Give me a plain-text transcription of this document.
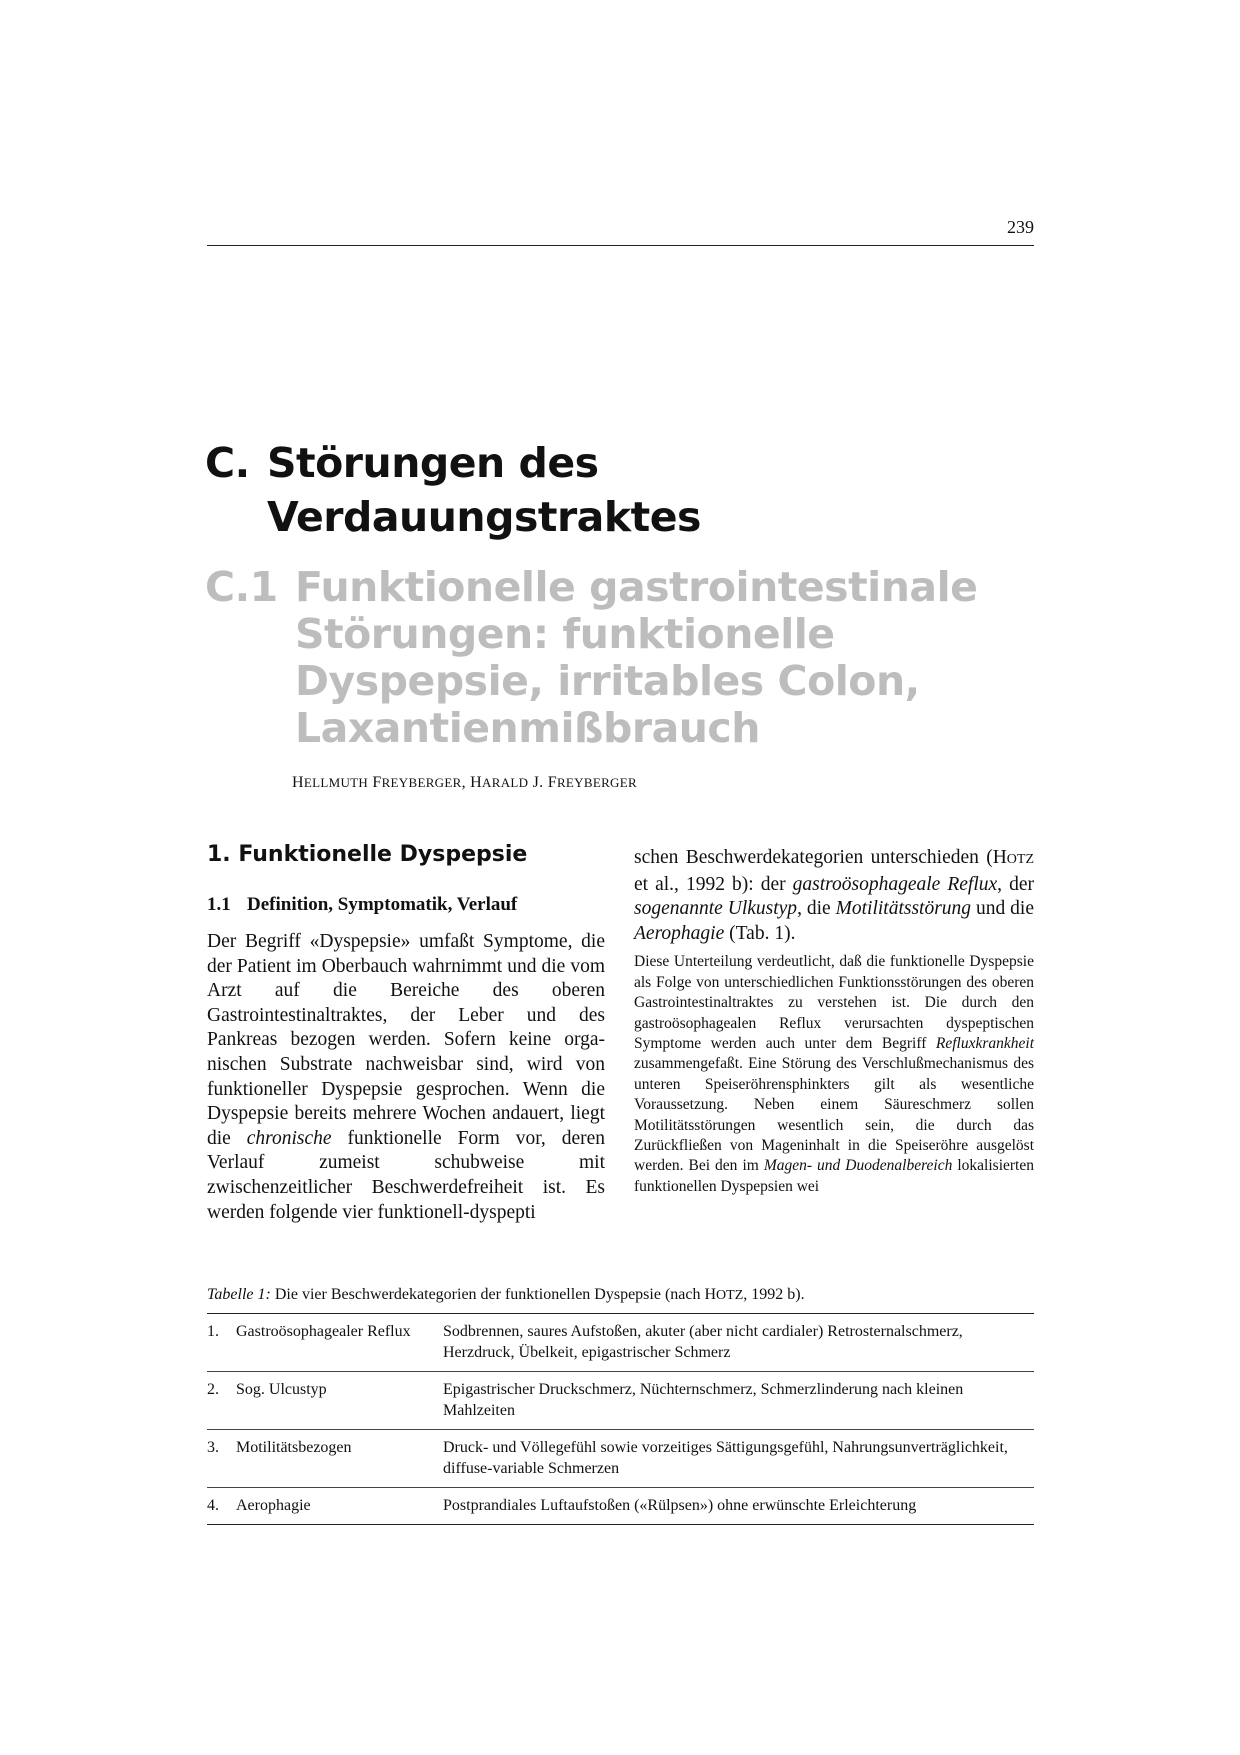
239
C. Störungen des
Verdauungstraktes
C.1 Funktionelle gastrointestinale
Störungen: funktionelle
Dyspepsie, irritables Colon,
Laxantienmißbrauch
HELLMUTH FREYBERGER, HARALD J. FREYBERGER
1. Funktionelle Dyspepsie
1.1 Definition, Symptomatik, Verlauf

Der Begriff «Dyspepsie» umfaßt Symptome, die der Patient im Oberbauch wahrnimmt und die vom Arzt auf die Bereiche des oberen Gastrointestinaltraktes, der Leber und des Pankreas bezogen werden. Sofern keine organischen Substrate nachweisbar sind, wird von funktioneller Dyspepsie gesprochen. Wenn die Dyspepsie bereits mehrere Wochen andauert, liegt die chronische funktionelle Form vor, deren Verlauf zumeist schubweise mit zwischenzeitlicher Beschwerdefreiheit ist. Es werden folgende vier funktionell-dyspepti

schen Beschwerdekategorien unterschieden (HOTZ et al., 1992 b): der gastroösophageale Reflux, der sogenannte Ulkustyp, die Motilitätsstörung und die Aerophagie (Tab. 1).

Diese Unterteilung verdeutlicht, daß die funktionelle Dyspepsie als Folge von unterschiedlichen Funktionsstörungen des oberen Gastrointestinaltraktes zu verstehen ist. Die durch den gastroösophagealen Reflux verursachten dyspeptischen Symptome werden auch unter dem Begriff Refluxkrankheit zusammengefaßt. Eine Störung des Verschlußmechanismus des unteren Speiseröhrensphinkters gilt als wesentliche Voraussetzung. Neben einem Säureschmerz sollen Motilitätsstörungen wesentlich sein, die durch das Zurückfließen von Mageninhalt in die Speiseröhre ausgelöst werden. Bei den im Magen- und Duodenalbereich lokalisierten funktionellen Dyspepsien wei

Tabelle 1: Die vier Beschwerdekategorien der funktionellen Dyspepsie (nach HOTZ, 1992 b).
1.	Gastroösophagealer Reflux	Sodbrennen, saures Aufstoßen, akuter (aber nicht cardialer) Retrosternalschmerz, Herzdruck, Übelkeit, epigastrischer Schmerz
2.	Sog. Ulcustyp	Epigastrischer Druckschmerz, Nüchternschmerz, Schmerzlinderung nach kleinen Mahlzeiten
3.	Motilitätsbezogen	Druck- und Völlegefühl sowie vorzeitiges Sättigungsgefühl, Nahrungsunverträglichkeit, diffuse-variable Schmerzen
4.	Aerophagie	Postprandiales Luftaufstoßen («Rülpsen») ohne erwünschte Erleichterung
